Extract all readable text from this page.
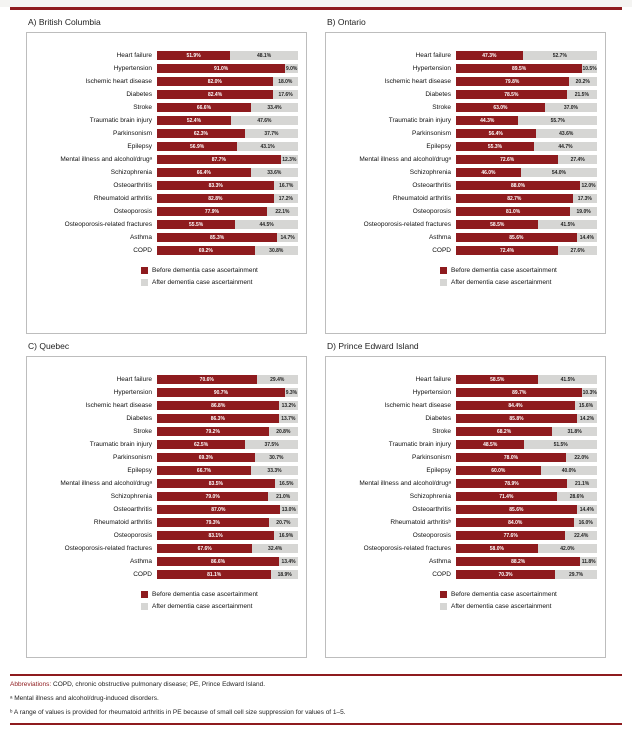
A) British Columbia
Heart failure	51.9%	48.1%
Hypertension	91.0%	9.0%
Ischemic heart disease	82.0%	18.0%
Diabetes	82.4%	17.6%
Stroke	66.6%	33.4%
Traumatic brain injury	52.4%	47.6%
Parkinsonism	62.3%	37.7%
Epilepsy	56.9%	43.1%
Mental illness and alcohol/drugᵃ	87.7%	12.3%
Schizophrenia	66.4%	33.6%
Osteoarthritis	83.3%	16.7%
Rheumatoid arthritis	82.8%	17.2%
Osteoporosis	77.9%	22.1%
Osteoporosis-related fractures	55.5%	44.5%
Asthma	85.3%	14.7%
COPD	69.2%	30.8%
Before dementia case ascertainment
After dementia case ascertainment
B) Ontario
Heart failure	47.3%	52.7%
Hypertension	89.5%	10.5%
Ischemic heart disease	79.8%	20.2%
Diabetes	78.5%	21.5%
Stroke	63.0%	37.0%
Traumatic brain injury	44.3%	55.7%
Parkinsonism	56.4%	43.6%
Epilepsy	55.3%	44.7%
Mental illness and alcohol/drugᵃ	72.6%	27.4%
Schizophrenia	46.0%	54.0%
Osteoarthritis	88.0%	12.0%
Rheumatoid arthritis	82.7%	17.3%
Osteoporosis	81.0%	19.0%
Osteoporosis-related fractures	58.5%	41.5%
Asthma	85.6%	14.4%
COPD	72.4%	27.6%
Before dementia case ascertainment
After dementia case ascertainment
C) Quebec
Heart failure	70.6%	29.4%
Hypertension	90.7%	9.3%
Ischemic heart disease	86.8%	13.2%
Diabetes	86.3%	13.7%
Stroke	79.2%	20.8%
Traumatic brain injury	62.5%	37.5%
Parkinsonism	69.3%	30.7%
Epilepsy	66.7%	33.3%
Mental illness and alcohol/drugᵃ	83.5%	16.5%
Schizophrenia	79.0%	21.0%
Osteoarthritis	87.0%	13.0%
Rheumatoid arthritis	79.3%	20.7%
Osteoporosis	83.1%	16.9%
Osteoporosis-related fractures	67.6%	32.4%
Asthma	86.6%	13.4%
COPD	81.1%	18.9%
Before dementia case ascertainment
After dementia case ascertainment
D) Prince Edward Island
Heart failure	58.5%	41.5%
Hypertension	89.7%	10.3%
Ischemic heart disease	84.4%	15.6%
Diabetes	85.8%	14.2%
Stroke	68.2%	31.8%
Traumatic brain injury	48.5%	51.5%
Parkinsonism	78.0%	22.0%
Epilepsy	60.0%	40.0%
Mental illness and alcohol/drugᵃ	78.9%	21.1%
Schizophrenia	71.4%	28.6%
Osteoarthritis	85.6%	14.4%
Rheumatoid arthritisᵇ	84.0%	16.0%
Osteoporosis	77.6%	22.4%
Osteoporosis-related fractures	58.0%	42.0%
Asthma	88.2%	11.8%
COPD	70.3%	29.7%
Before dementia case ascertainment
After dementia case ascertainment
Abbreviations: COPD, chronic obstructive pulmonary disease; PE, Prince Edward Island.
ᵃ Mental illness and alcohol/drug-induced disorders.
ᵇ A range of values is provided for rheumatoid arthritis in PE because of small cell size suppression for values of 1–5.
